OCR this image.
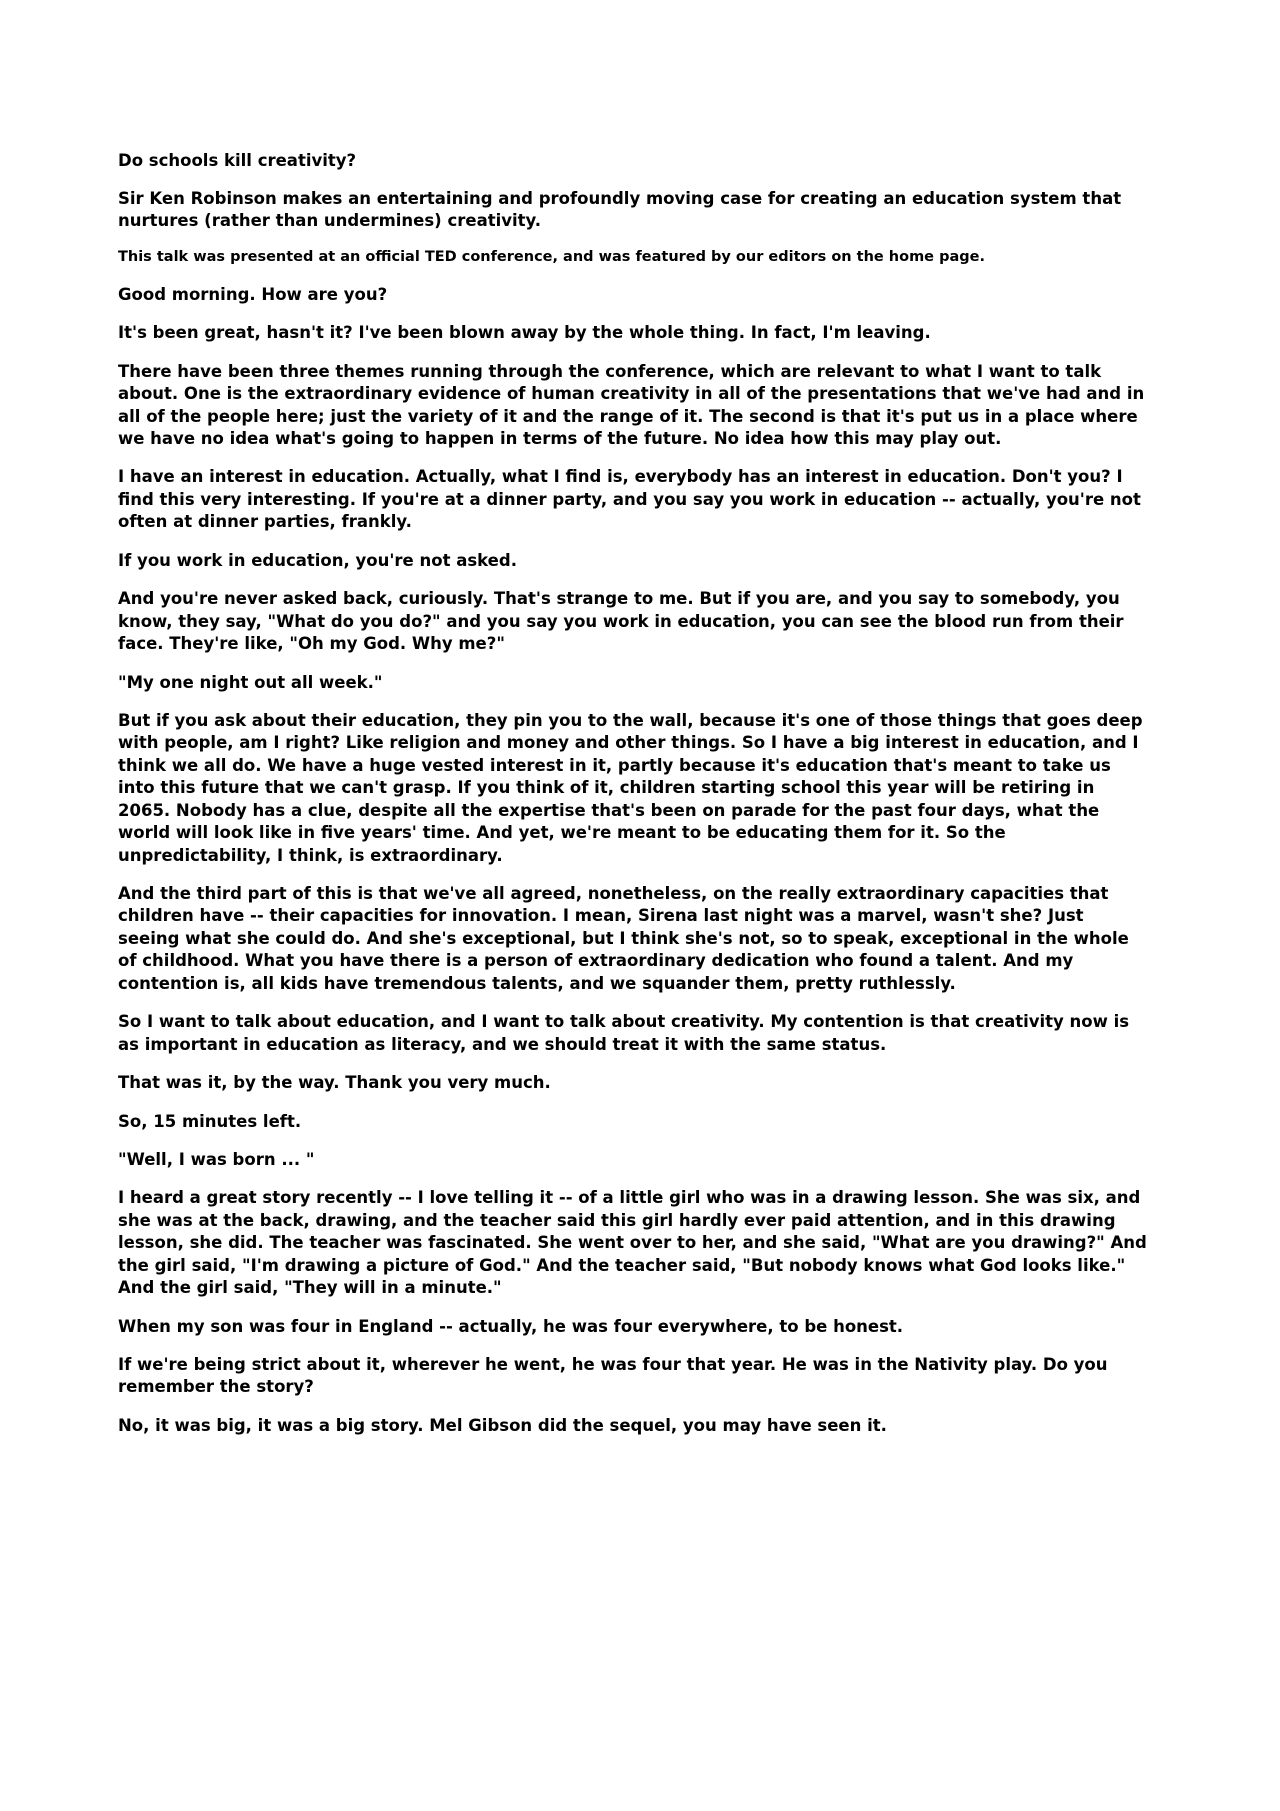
Do schools kill creativity?
Sir Ken Robinson makes an entertaining and profoundly moving case for creating an education system that nurtures (rather than undermines) creativity.
This talk was presented at an official TED conference, and was featured by our editors on the home page.

Good morning. How are you?

It's been great, hasn't it? I've been blown away by the whole thing. In fact, I'm leaving.

There have been three themes running through the conference, which are relevant to what I want to talk about. One is the extraordinary evidence of human creativity in all of the presentations that we've had and in all of the people here; just the variety of it and the range of it. The second is that it's put us in a place where we have no idea what's going to happen in terms of the future. No idea how this may play out.

I have an interest in education. Actually, what I find is, everybody has an interest in education. Don't you? I find this very interesting. If you're at a dinner party, and you say you work in education -- actually, you're not often at dinner parties, frankly.

If you work in education, you're not asked.

And you're never asked back, curiously. That's strange to me. But if you are, and you say to somebody, you know, they say, "What do you do?" and you say you work in education, you can see the blood run from their face. They're like, "Oh my God. Why me?"

"My one night out all week."

But if you ask about their education, they pin you to the wall, because it's one of those things that goes deep with people, am I right? Like religion and money and other things. So I have a big interest in education, and I think we all do. We have a huge vested interest in it, partly because it's education that's meant to take us into this future that we can't grasp. If you think of it, children starting school this year will be retiring in 2065. Nobody has a clue, despite all the expertise that's been on parade for the past four days, what the world will look like in five years' time. And yet, we're meant to be educating them for it. So the unpredictability, I think, is extraordinary.

And the third part of this is that we've all agreed, nonetheless, on the really extraordinary capacities that children have -- their capacities for innovation. I mean, Sirena last night was a marvel, wasn't she? Just seeing what she could do. And she's exceptional, but I think she's not, so to speak, exceptional in the whole of childhood. What you have there is a person of extraordinary dedication who found a talent. And my contention is, all kids have tremendous talents, and we squander them, pretty ruthlessly.

So I want to talk about education, and I want to talk about creativity. My contention is that creativity now is as important in education as literacy, and we should treat it with the same status.

That was it, by the way. Thank you very much.

So, 15 minutes left.

"Well, I was born ... "

I heard a great story recently -- I love telling it -- of a little girl who was in a drawing lesson. She was six, and she was at the back, drawing, and the teacher said this girl hardly ever paid attention, and in this drawing lesson, she did. The teacher was fascinated. She went over to her, and she said, "What are you drawing?" And the girl said, "I'm drawing a picture of God." And the teacher said, "But nobody knows what God looks like." And the girl said, "They will in a minute."

When my son was four in England -- actually, he was four everywhere, to be honest.

If we're being strict about it, wherever he went, he was four that year. He was in the Nativity play. Do you remember the story?

No, it was big, it was a big story. Mel Gibson did the sequel, you may have seen it.
